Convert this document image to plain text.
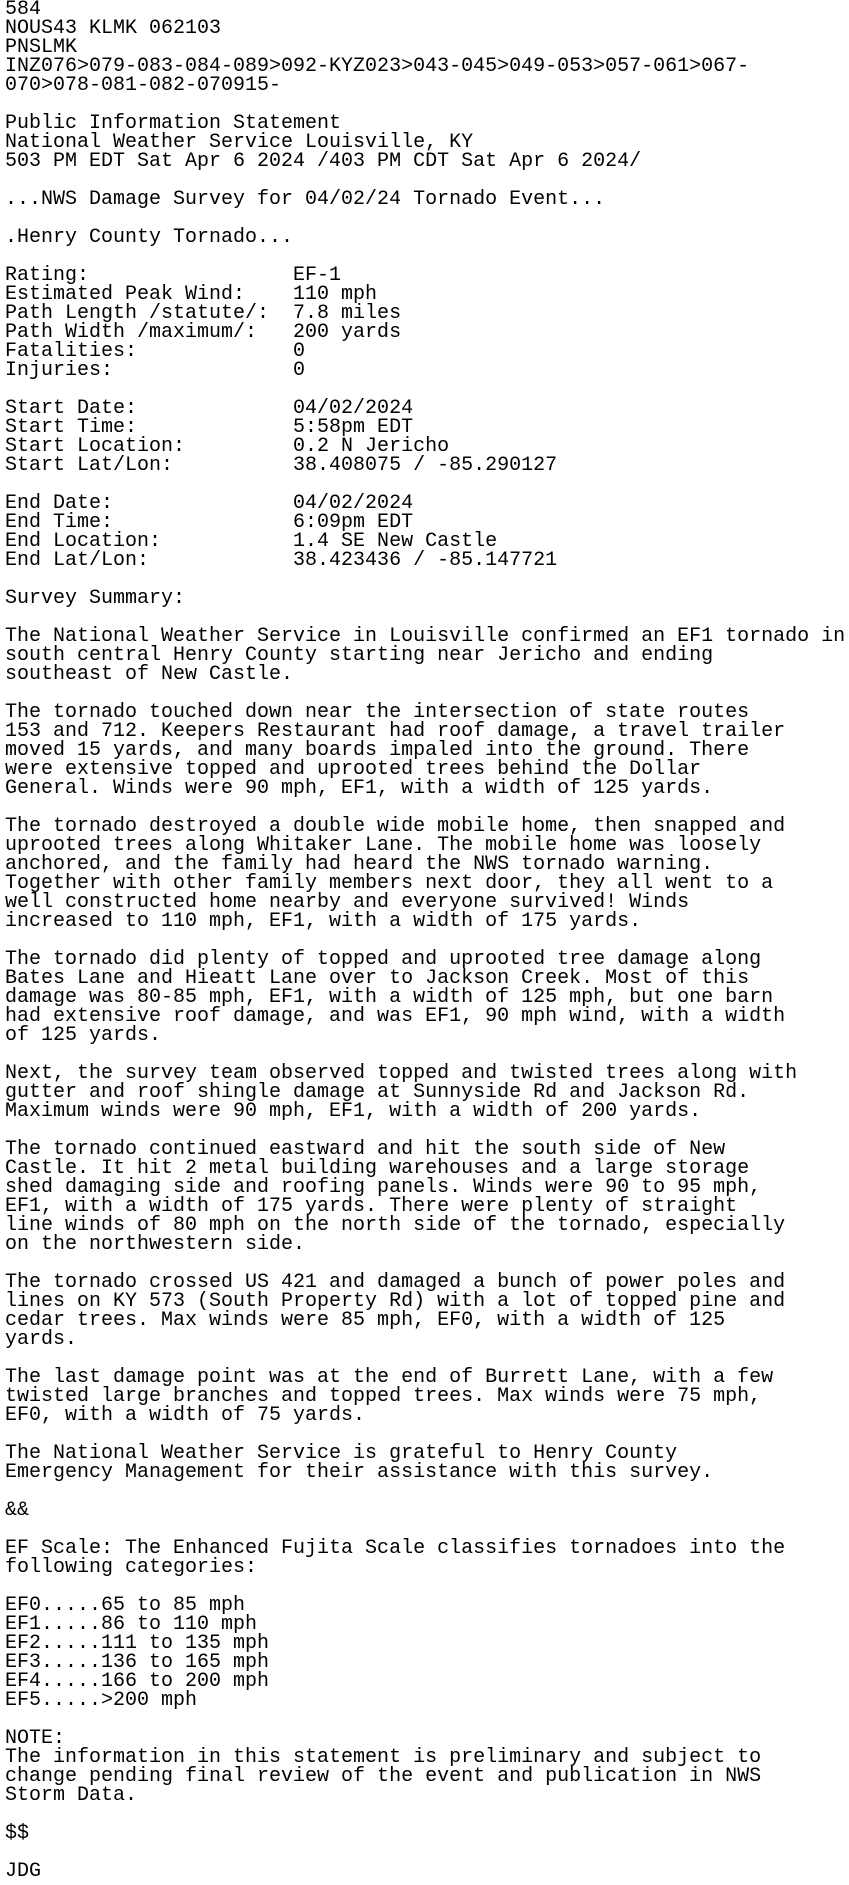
584
NOUS43 KLMK 062103
PNSLMK
INZ076>079-083-084-089>092-KYZ023>043-045>049-053>057-061>067-
070>078-081-082-070915-
Public Information Statement
National Weather Service Louisville, KY
503 PM EDT Sat Apr 6 2024 /403 PM CDT Sat Apr 6 2024/
...NWS Damage Survey for 04/02/24 Tornado Event...
.Henry County Tornado...
Rating:                 EF-1
Estimated Peak Wind:    110 mph
Path Length /statute/:  7.8 miles
Path Width /maximum/:   200 yards
Fatalities:             0
Injuries:               0
Start Date:             04/02/2024
Start Time:             5:58pm EDT
Start Location:         0.2 N Jericho
Start Lat/Lon:          38.408075 / -85.290127
End Date:               04/02/2024
End Time:               6:09pm EDT
End Location:           1.4 SE New Castle
End Lat/Lon:            38.423436 / -85.147721
Survey Summary:
The National Weather Service in Louisville confirmed an EF1 tornado in
south central Henry County starting near Jericho and ending
southeast of New Castle.
The tornado touched down near the intersection of state routes
153 and 712. Keepers Restaurant had roof damage, a travel trailer
moved 15 yards, and many boards impaled into the ground. There
were extensive topped and uprooted trees behind the Dollar
General. Winds were 90 mph, EF1, with a width of 125 yards.
The tornado destroyed a double wide mobile home, then snapped and
uprooted trees along Whitaker Lane. The mobile home was loosely
anchored, and the family had heard the NWS tornado warning.
Together with other family members next door, they all went to a
well constructed home nearby and everyone survived! Winds
increased to 110 mph, EF1, with a width of 175 yards.
The tornado did plenty of topped and uprooted tree damage along
Bates Lane and Hieatt Lane over to Jackson Creek. Most of this
damage was 80-85 mph, EF1, with a width of 125 mph, but one barn
had extensive roof damage, and was EF1, 90 mph wind, with a width
of 125 yards.
Next, the survey team observed topped and twisted trees along with
gutter and roof shingle damage at Sunnyside Rd and Jackson Rd.
Maximum winds were 90 mph, EF1, with a width of 200 yards.
The tornado continued eastward and hit the south side of New
Castle. It hit 2 metal building warehouses and a large storage
shed damaging side and roofing panels. Winds were 90 to 95 mph,
EF1, with a width of 175 yards. There were plenty of straight
line winds of 80 mph on the north side of the tornado, especially
on the northwestern side.
The tornado crossed US 421 and damaged a bunch of power poles and
lines on KY 573 (South Property Rd) with a lot of topped pine and
cedar trees. Max winds were 85 mph, EF0, with a width of 125
yards.
The last damage point was at the end of Burrett Lane, with a few
twisted large branches and topped trees. Max winds were 75 mph,
EF0, with a width of 75 yards.
The National Weather Service is grateful to Henry County
Emergency Management for their assistance with this survey.
&&
EF Scale: The Enhanced Fujita Scale classifies tornadoes into the
following categories:
EF0.....65 to 85 mph
EF1.....86 to 110 mph
EF2.....111 to 135 mph
EF3.....136 to 165 mph
EF4.....166 to 200 mph
EF5.....>200 mph
NOTE:
The information in this statement is preliminary and subject to
change pending final review of the event and publication in NWS
Storm Data.
$$
JDG
